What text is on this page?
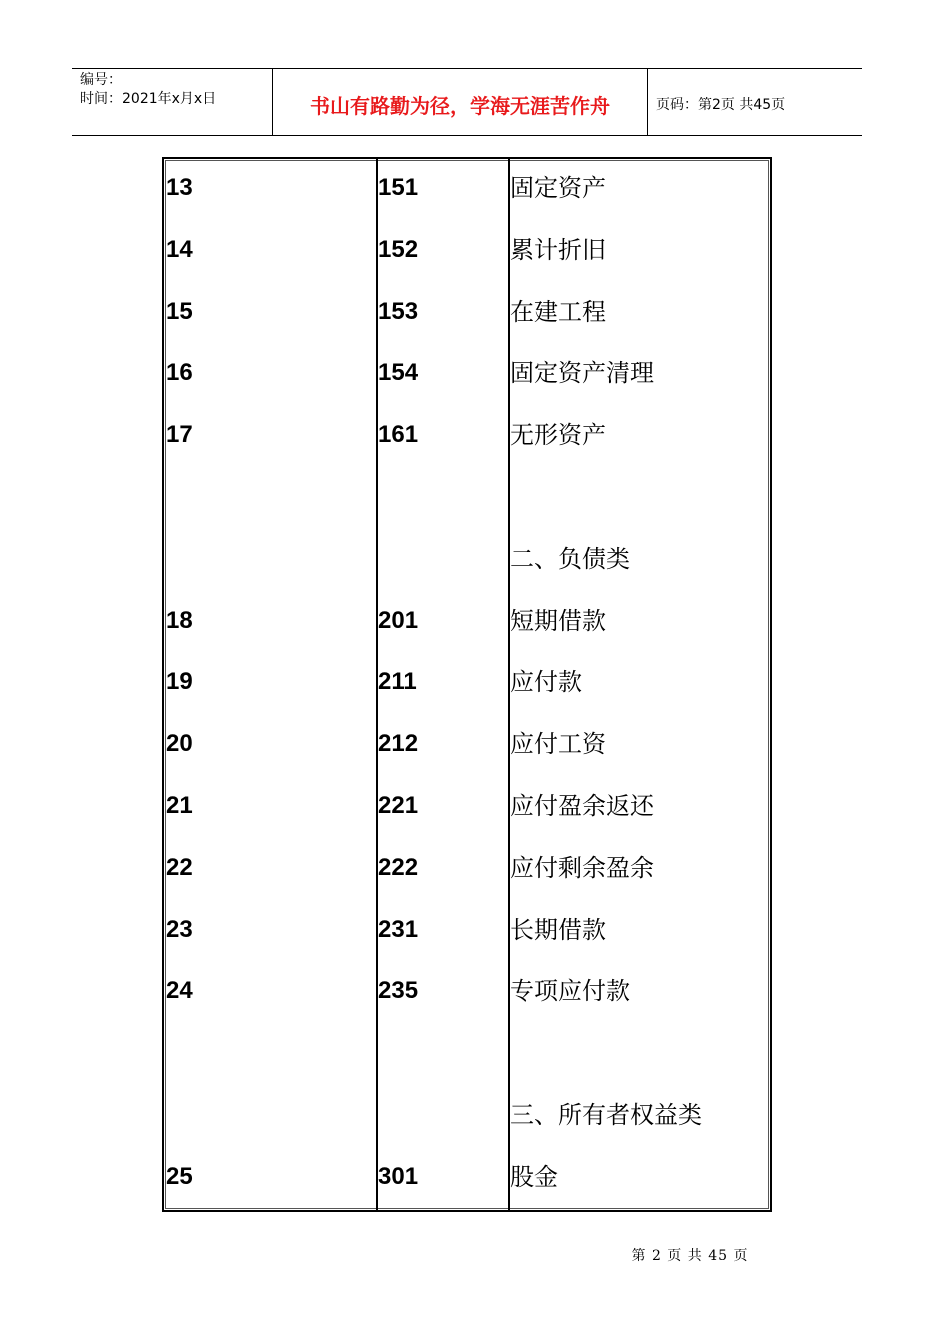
编号：
时间：2021年x月x日	书山有路勤为径，学海无涯苦作舟	页码：第2页 共45页
13	151	固定资产
14	152	累计折旧
15	153	在建工程
16	154	固定资产清理
17	161	无形资产
二、负债类
18	201	短期借款
19	211	应付款
20	212	应付工资
21	221	应付盈余返还
22	222	应付剩余盈余
23	231	长期借款
24	235	专项应付款
三、所有者权益类
25	301	股金
第 2 页 共 45 页
